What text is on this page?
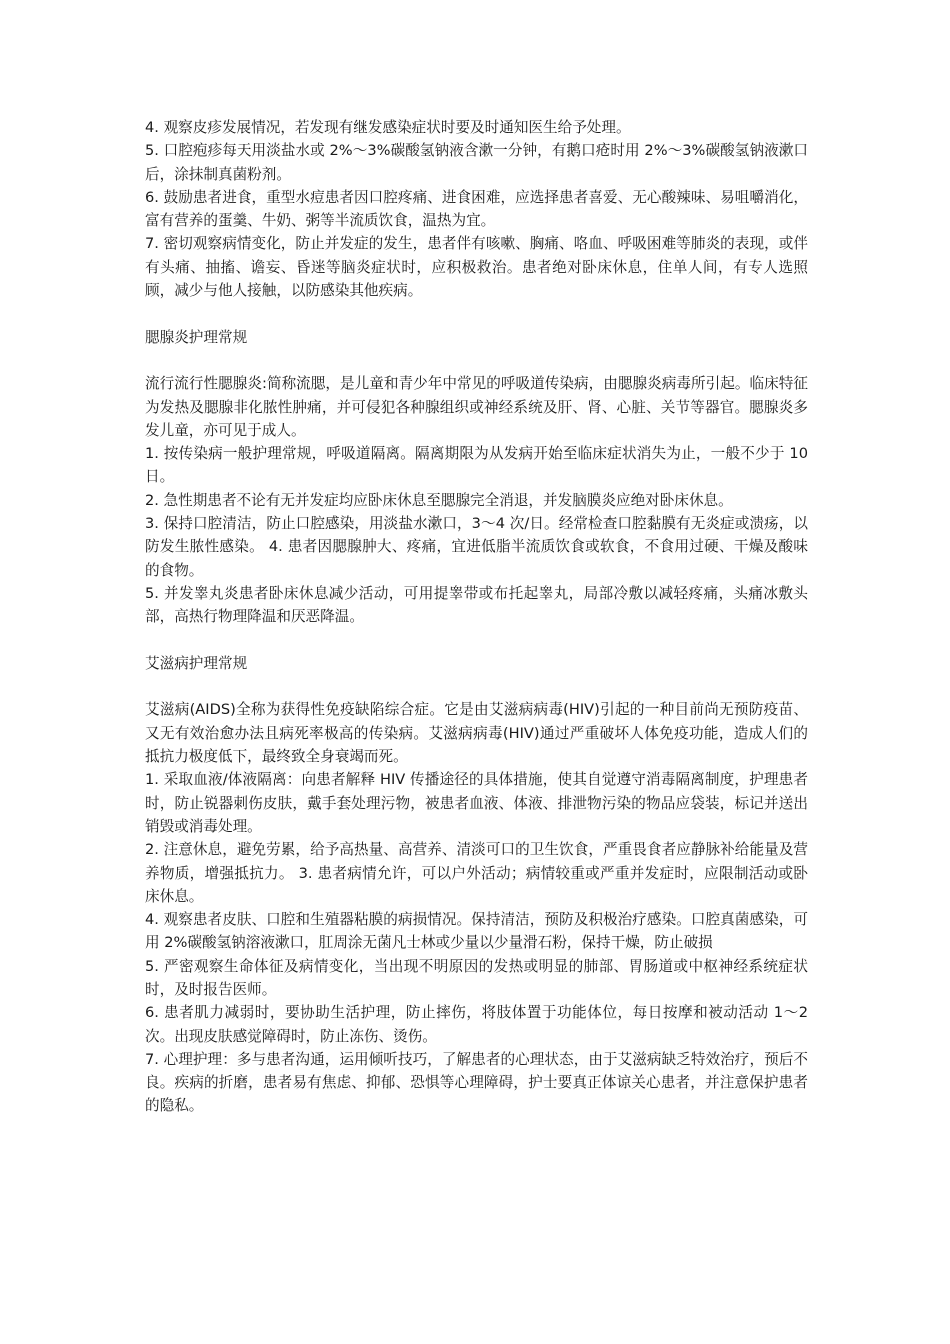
4. 观察皮疹发展情况，若发现有继发感染症状时要及时通知医生给予处理。

5. 口腔疱疹每天用淡盐水或 2%～3%碳酸氢钠液含漱一分钟，有鹅口疮时用 2%～3%碳酸氢钠液漱口后，涂抹制真菌粉剂。

6. 鼓励患者进食，重型水痘患者因口腔疼痛、进食困难，应选择患者喜爱、无心酸辣味、易咀嚼消化，富有营养的蛋羹、牛奶、粥等半流质饮食，温热为宜。

7. 密切观察病情变化，防止并发症的发生，患者伴有咳嗽、胸痛、咯血、呼吸困难等肺炎的表现，或伴有头痛、抽搐、谵妄、昏迷等脑炎症状时，应积极救治。患者绝对卧床休息，住单人间，有专人选照顾，减少与他人接触，以防感染其他疾病。

腮腺炎护理常规

流行流行性腮腺炎:简称流腮，是儿童和青少年中常见的呼吸道传染病，由腮腺炎病毒所引起。临床特征为发热及腮腺非化脓性肿痛，并可侵犯各种腺组织或神经系统及肝、肾、心脏、关节等器官。腮腺炎多发儿童，亦可见于成人。

1. 按传染病一般护理常规，呼吸道隔离。隔离期限为从发病开始至临床症状消失为止，一般不少于 10 日。

2. 急性期患者不论有无并发症均应卧床休息至腮腺完全消退，并发脑膜炎应绝对卧床休息。

3. 保持口腔清洁，防止口腔感染，用淡盐水漱口，3～4 次/日。经常检查口腔黏膜有无炎症或溃疡，以防发生脓性感染。 4. 患者因腮腺肿大、疼痛，宜进低脂半流质饮食或软食，不食用过硬、干燥及酸味的食物。

5. 并发睾丸炎患者卧床休息减少活动，可用提睾带或布托起睾丸，局部冷敷以减轻疼痛，头痛冰敷头部，高热行物理降温和厌恶降温。

艾滋病护理常规

艾滋病(AIDS)全称为获得性免疫缺陷综合症。它是由艾滋病病毒(HIV)引起的一种目前尚无预防疫苗、又无有效治愈办法且病死率极高的传染病。艾滋病病毒(HIV)通过严重破坏人体免疫功能，造成人们的抵抗力极度低下，最终致全身衰竭而死。

1. 采取血液/体液隔离：向患者解释 HIV 传播途径的具体措施，使其自觉遵守消毒隔离制度，护理患者时，防止锐器刺伤皮肤，戴手套处理污物，被患者血液、体液、排泄物污染的物品应袋装，标记并送出销毁或消毒处理。

2. 注意休息，避免劳累，给予高热量、高营养、清淡可口的卫生饮食，严重畏食者应静脉补给能量及营养物质，增强抵抗力。 3. 患者病情允许，可以户外活动；病情较重或严重并发症时，应限制活动或卧床休息。

4. 观察患者皮肤、口腔和生殖器粘膜的病损情况。保持清洁，预防及积极治疗感染。口腔真菌感染，可用 2%碳酸氢钠溶液漱口，肛周涂无菌凡士林或少量以少量滑石粉，保持干燥，防止破损

5. 严密观察生命体征及病情变化，当出现不明原因的发热或明显的肺部、胃肠道或中枢神经系统症状时，及时报告医师。

6. 患者肌力减弱时，要协助生活护理，防止摔伤，将肢体置于功能体位，每日按摩和被动活动 1～2 次。出现皮肤感觉障碍时，防止冻伤、烫伤。

7. 心理护理：多与患者沟通，运用倾听技巧，了解患者的心理状态，由于艾滋病缺乏特效治疗，预后不良。疾病的折磨，患者易有焦虑、抑郁、恐惧等心理障碍，护士要真正体谅关心患者，并注意保护患者的隐私。
